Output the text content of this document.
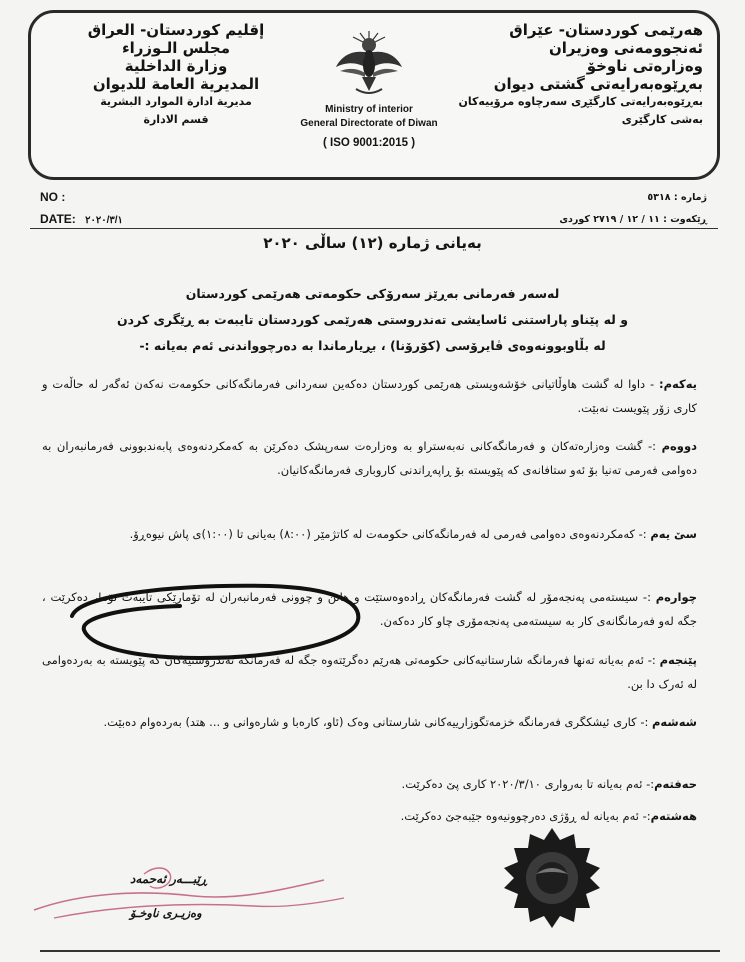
إقليم كوردستان- العراق
مجلس الـوزراء
وزارة الداخلية
المديرية العامة للديوان
مديرية ادارة الموارد البشرية
قسم الادارة
Ministry of interior
General Directorate of Diwan
( ISO 9001:2015 )
هەرێمی کوردستان- عێراق
ئەنجوومەنی وەزیران
وەزارەتی ناوخۆ
بەڕێوەبەرایەتی گشتی دیوان
بەڕێوەبەرایەتی کارگێڕی سەرچاوە مرۆییەکان
بەشی کارگێری
NO :
DATE: ٢٠٢٠/٣/١
ژمارە : ٥٣١٨
ڕێکەوت : ١١ / ١٢ / ٢٧١٩ کوردی
بەیانی ژمارە (١٢) ساڵی ٢٠٢٠
لەسەر فەرمانی بەڕێز سەرۆکی حکومەتی هەرێمی کوردستان
و لە پێناو پاراستنی ئاسایشی تەندروستی هەرێمی کوردستان تایبەت بە ڕێگری کردن
لە بڵاوبوونەوەی ڤایرۆسی (کۆرۆنا) ، بڕیارماندا بە دەرچوواندنی ئەم بەیانە :-
یەکەم: - داوا لە گشت هاوڵاتیانی خۆشەویستی هەرێمی کوردستان دەکەین سەردانی فەرمانگەکانی حکومەت نەکەن ئەگەر لە حاڵەت و کاری زۆر پێویست نەبێت.
دووەم :- گشت وەزارەتەکان و فەرمانگەکانی نەبەستراو بە وەزارەت سەرپشک دەکرێن بە کەمکردنەوەی پابەندبوونی فەرمانبەران بە دەوامی فەرمی تەنیا بۆ ئەو ستافانەی کە پێویستە بۆ ڕاپەڕاندنی کاروباری فەرمانگەکانیان.
سێ یەم :- کەمکردنەوەی دەوامی فەرمی لە فەرمانگەکانی حکومەت لە کاتژمێر (٨:٠٠) بەیانی تا (١:٠٠)ی پاش نیوەڕۆ.
چوارەم :- سیستەمی پەنجەمۆر لە گشت فەرمانگەکان ڕادەوەستێت و هاتن و چوونی فەرمانبەران لە تۆمارێکی تایبەت تۆمار دەکرێت ، جگە لەو فەرمانگانەی کار بە سیستەمی پەنجەمۆری چاو کار دەکەن.
پێنجەم :- ئەم بەیانە تەنها فەرمانگە شارستانیەکانی حکومەتی هەرێم دەگرێتەوە جگە لە فەرمانگە تەندروستیەکان کە پێویستە بە بەردەوامی لە ئەرک دا بن.
شەشەم :- کاری ئیشکگری فەرمانگە خزمەتگوزارییەکانی شارستانی وەک (ئاو، کارەبا و شارەوانی و ... هتد) بەردەوام دەبێت.
حەفتەم:- ئەم بەیانە تا بەرواری ٢٠٢٠/٣/١٠ کاری پێ دەکرێت.
هەشتەم:- ئەم بەیانە لە ڕۆژی دەرچوونیەوە جێبەجێ دەکرێت.
ڕێبـــەر ئەحمەد
وەزیـری ناوخـۆ
